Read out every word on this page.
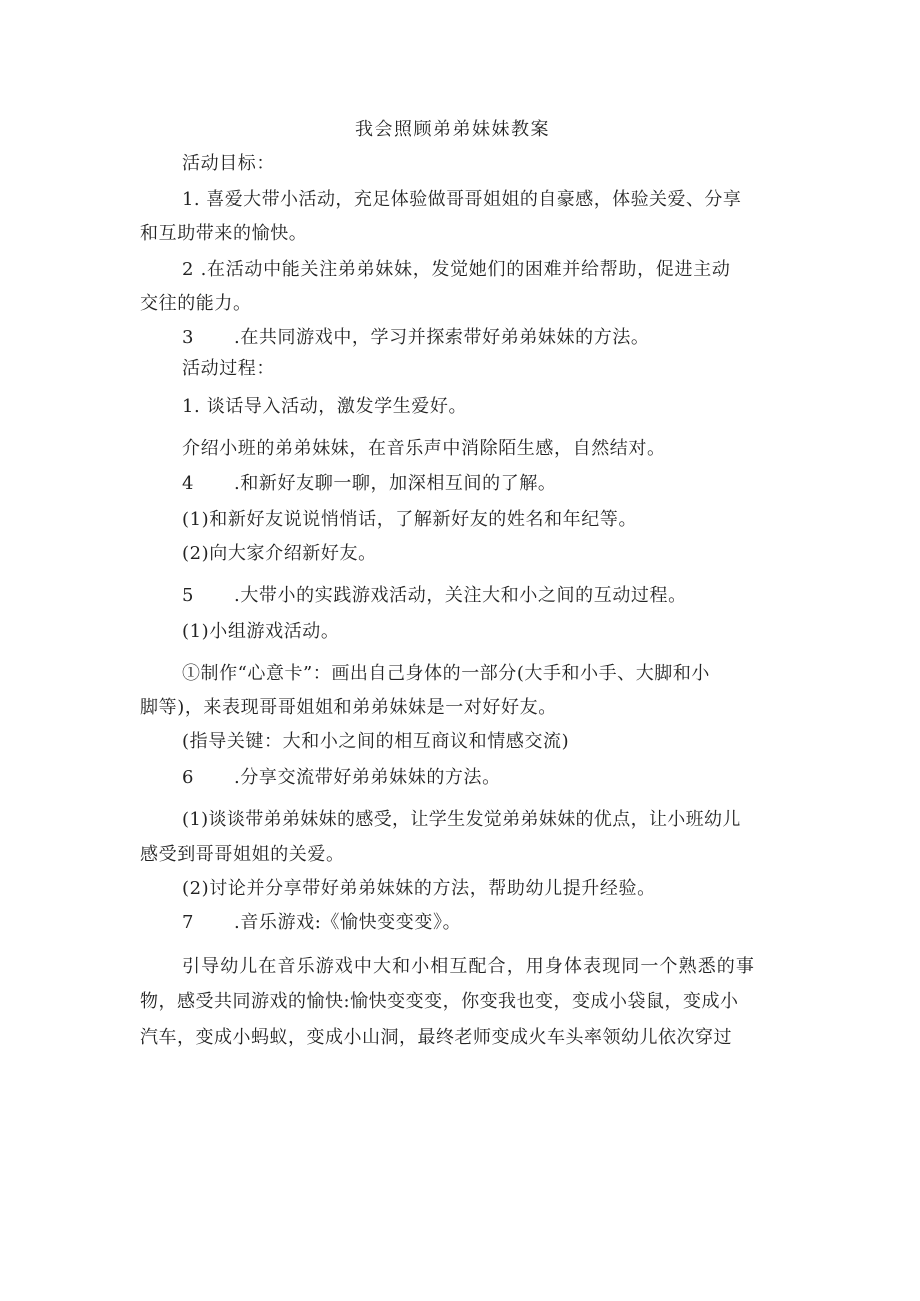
我会照顾弟弟妹妹教案
活动目标：
1. 喜爱大带小活动，充足体验做哥哥姐姐的自豪感，体验关爱、分享
和互助带来的愉快。
2 .在活动中能关注弟弟妹妹，发觉她们的困难并给帮助，促进主动
交往的能力。
3 .在共同游戏中，学习并探索带好弟弟妹妹的方法。
活动过程：
1. 谈话导入活动，激发学生爱好。
介绍小班的弟弟妹妹，在音乐声中消除陌生感，自然结对。
4 .和新好友聊一聊，加深相互间的了解。
(1)和新好友说说悄悄话，了解新好友的姓名和年纪等。
(2)向大家介绍新好友。
5 .大带小的实践游戏活动，关注大和小之间的互动过程。
(1)小组游戏活动。
①制作“心意卡”：画出自己身体的一部分(大手和小手、大脚和小
脚等)，来表现哥哥姐姐和弟弟妹妹是一对好好友。
(指导关键：大和小之间的相互商议和情感交流)
6 .分享交流带好弟弟妹妹的方法。
(1)谈谈带弟弟妹妹的感受，让学生发觉弟弟妹妹的优点，让小班幼儿
感受到哥哥姐姐的关爱。
(2)讨论并分享带好弟弟妹妹的方法，帮助幼儿提升经验。
7 .音乐游戏:《愉快变变变》。
引导幼儿在音乐游戏中大和小相互配合，用身体表现同一个熟悉的事
物，感受共同游戏的愉快:愉快变变变，你变我也变，变成小袋鼠，变成小
汽车，变成小蚂蚁，变成小山洞，最终老师变成火车头率领幼儿依次穿过
